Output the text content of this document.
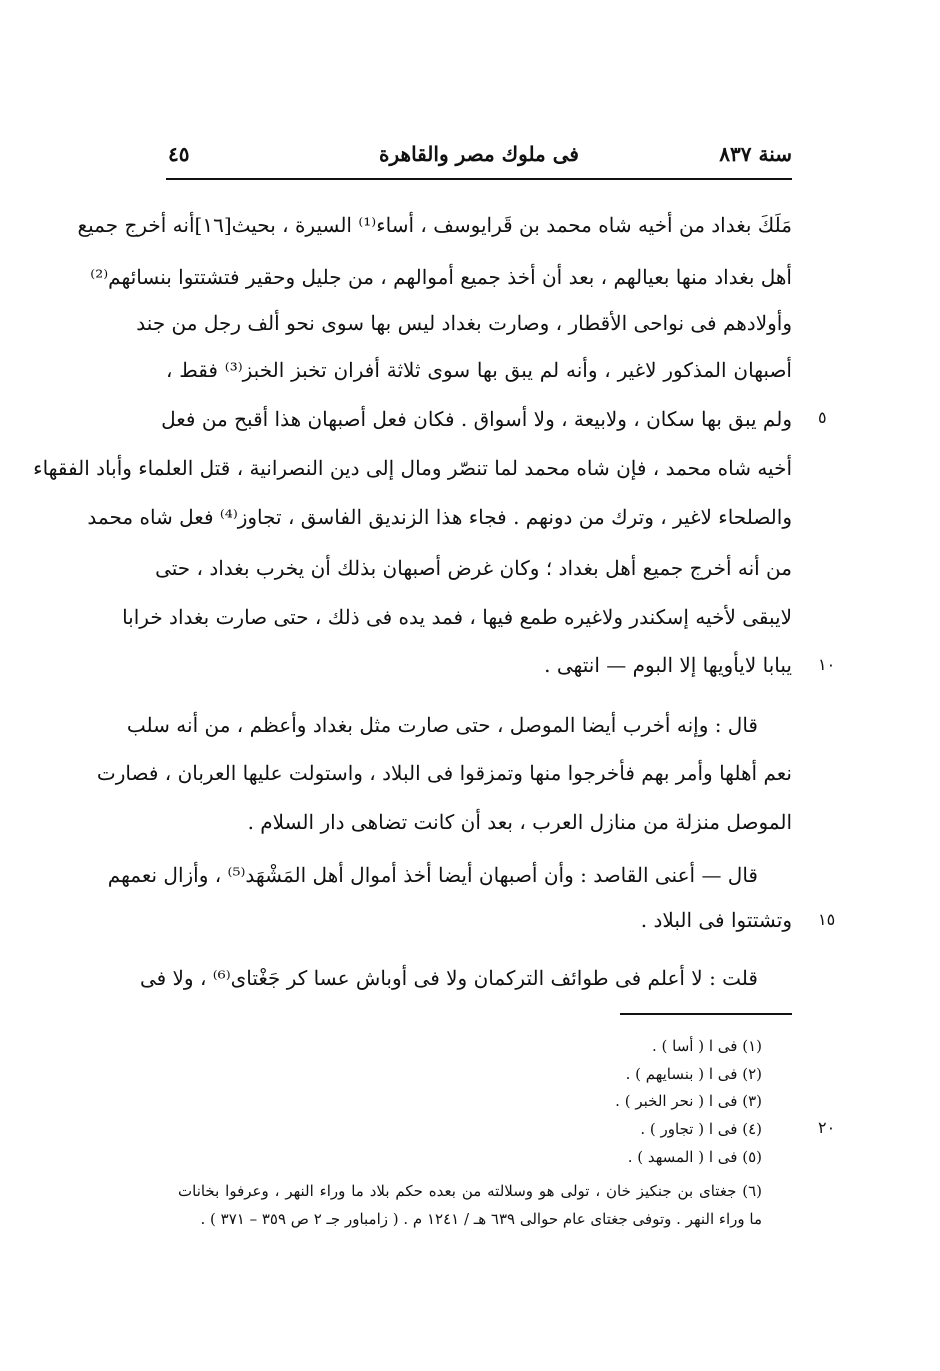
سنة ٨٣٧
فى ملوك مصر والقاهرة
٤٥
مَلَكَ بغداد من أخيه شاه محمد بن قَرايوسف ، أساء⁽¹⁾ السيرة ، بحيث[١٦]أنه أخرج جميع
أهل بغداد منها بعيالهم ، بعد أن أخذ جميع أموالهم ، من جليل وحقير فتشتتوا بنسائهم⁽²⁾
وأولادهم فى نواحى الأقطار ، وصارت بغداد ليس بها سوى نحو ألف رجل من جند
أصبهان المذكور لاغير ، وأنه لم يبق بها سوى ثلاثة أفران تخبز الخبز⁽³⁾ فقط ،
ولم يبق بها سكان ، ولابيعة ، ولا أسواق . فكان فعل أصبهان هذا أقبح من فعل
أخيه شاه محمد ، فإن شاه محمد لما تنصّر ومال إلى دين النصرانية ، قتل العلماء وأباد الفقهاء
والصلحاء لاغير ، وترك من دونهم . فجاء هذا الزنديق الفاسق ، تجاوز⁽⁴⁾ فعل شاه محمد
من أنه أخرج جميع أهل بغداد ؛ وكان غرض أصبهان بذلك أن يخرب بغداد ، حتى
لايبقى لأخيه إسكندر ولاغيره طمع فيها ، فمد يده فى ذلك ، حتى صارت بغداد خرابا
يبابا لايأويها إلا البوم — انتهى .
قال : وإنه أخرب أيضا الموصل ، حتى صارت مثل بغداد وأعظم ، من أنه سلب
نعم أهلها وأمر بهم فأخرجوا منها وتمزقوا فى البلاد ، واستولت عليها العربان ، فصارت
الموصل منزلة من منازل العرب ، بعد أن كانت تضاهى دار السلام .
قال — أعنى القاصد : وأن أصبهان أيضا أخذ أموال أهل المَشْهَد⁽⁵⁾ ، وأزال نعمهم
وتشتتوا فى البلاد .
قلت : لا أعلم فى طوائف التركمان ولا فى أوباش عسا كر جَغْتاى⁽⁶⁾ ، ولا فى
٥
١٠
١٥
٢٠
(١) فى ا ( أسا ) .
(٢) فى ا ( بنسايهم ) .
(٣) فى ا ( نحر الخبر ) .
(٤) فى ا ( تجاور ) .
(٥) فى ا ( المسهد ) .
(٦) جغتاى بن جنكيز خان ، تولى هو وسلالته من بعده حكم بلاد ما وراء النهر ، وعرفوا بخانات
ما وراء النهر . وتوفى جغتاى عام حوالى ٦٣٩ هـ / ١٢٤١ م . ( زامباور جـ ٢ ص ٣٥٩ – ٣٧١ ) .
